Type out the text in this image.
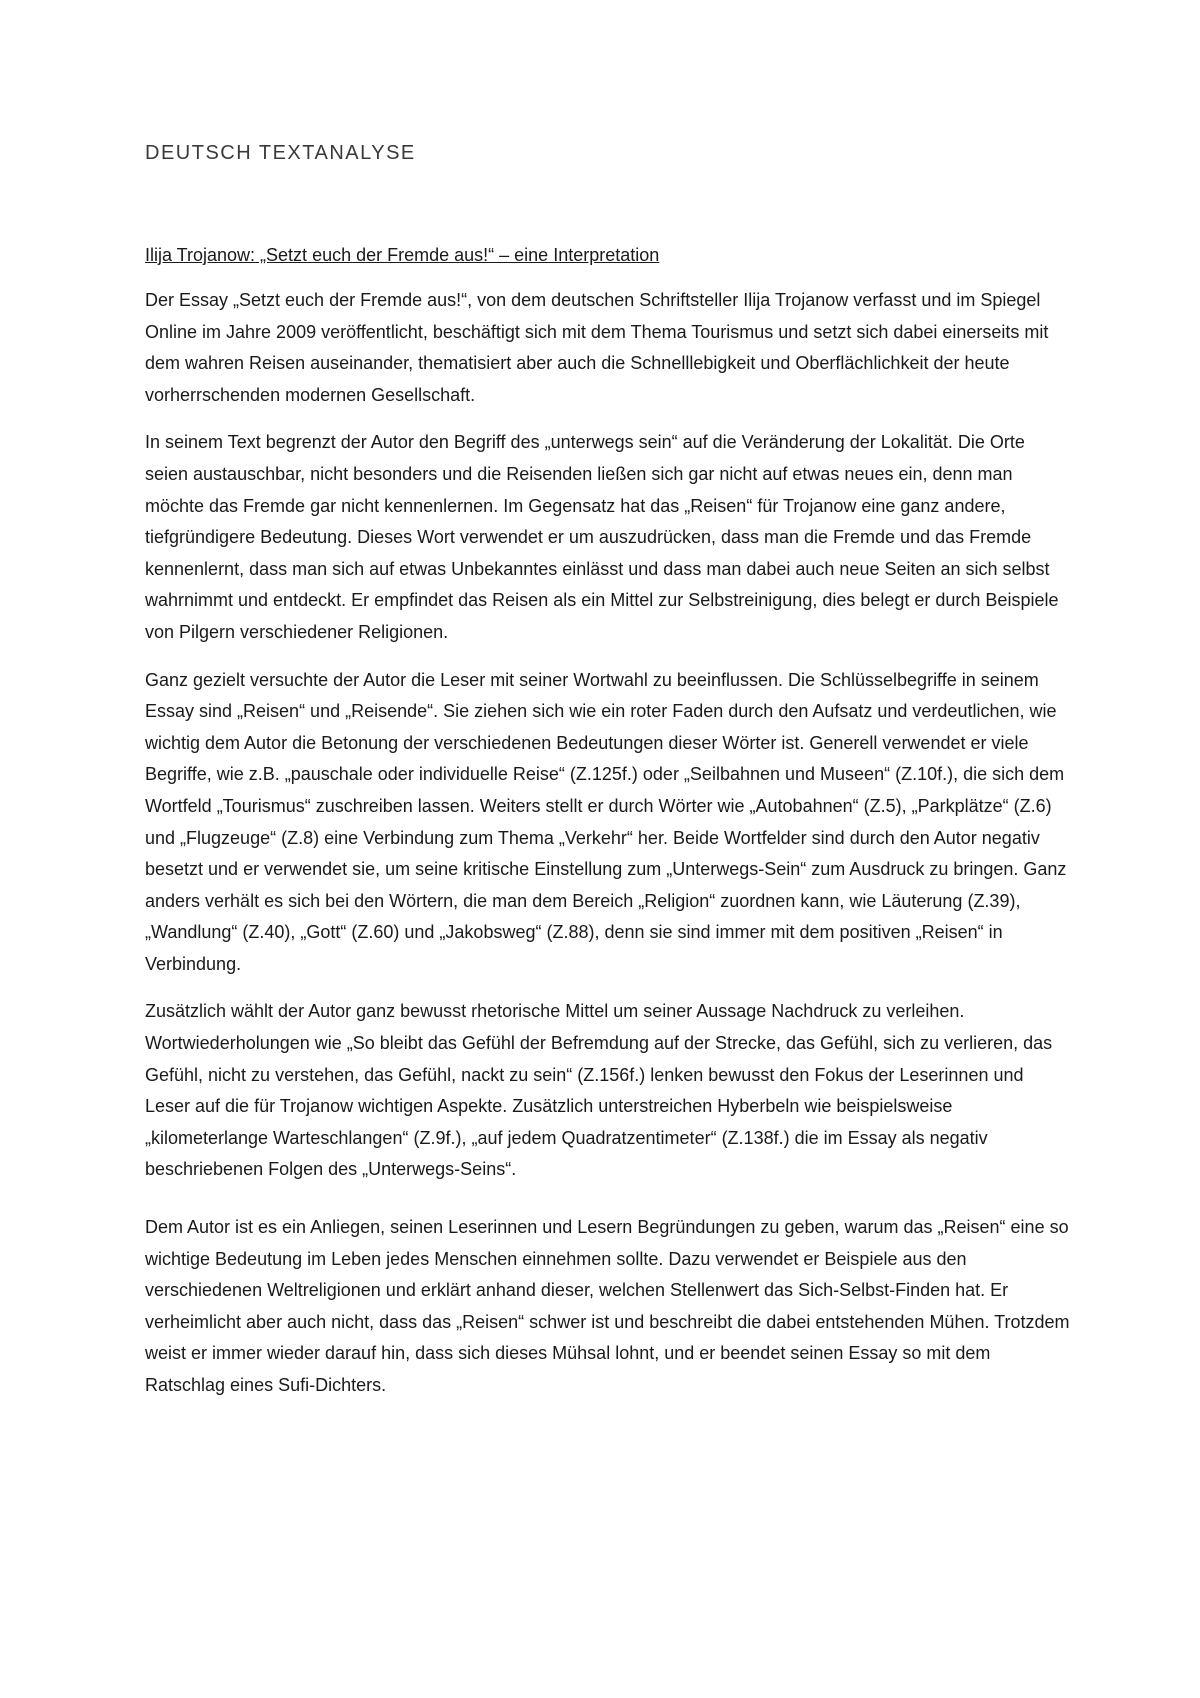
DEUTSCH TEXTANALYSE
Ilija Trojanow: „Setzt euch der Fremde aus!“ – eine Interpretation

Der Essay „Setzt euch der Fremde aus!“, von dem deutschen Schriftsteller Ilija Trojanow verfasst und im Spiegel Online im Jahre 2009 veröffentlicht, beschäftigt sich mit dem Thema Tourismus und setzt sich dabei einerseits mit dem wahren Reisen auseinander, thematisiert aber auch die Schnelllebigkeit und Oberflächlichkeit der heute vorherrschenden modernen Gesellschaft.

In seinem Text begrenzt der Autor den Begriff des „unterwegs sein“ auf die Veränderung der Lokalität. Die Orte seien austauschbar, nicht besonders und die Reisenden ließen sich gar nicht auf etwas neues ein, denn man möchte das Fremde gar nicht kennenlernen. Im Gegensatz hat das „Reisen“ für Trojanow eine ganz andere, tiefgründigere Bedeutung. Dieses Wort verwendet er um auszudrücken, dass man die Fremde und das Fremde kennenlernt, dass man sich auf etwas Unbekanntes einlässt und dass man dabei auch neue Seiten an sich selbst wahrnimmt und entdeckt. Er empfindet das Reisen als ein Mittel zur Selbstreinigung, dies belegt er durch Beispiele von Pilgern verschiedener Religionen.

Ganz gezielt versuchte der Autor die Leser mit seiner Wortwahl zu beeinflussen. Die Schlüsselbegriffe in seinem Essay sind „Reisen“ und „Reisende“. Sie ziehen sich wie ein roter Faden durch den Aufsatz und verdeutlichen, wie wichtig dem Autor die Betonung der verschiedenen Bedeutungen dieser Wörter ist. Generell verwendet er viele Begriffe, wie z.B. „pauschale oder individuelle Reise“ (Z.125f.) oder „Seilbahnen und Museen“ (Z.10f.), die sich dem Wortfeld „Tourismus“ zuschreiben lassen. Weiters stellt er durch Wörter wie „Autobahnen“ (Z.5), „Parkplätze“ (Z.6) und „Flugzeuge“ (Z.8) eine Verbindung zum Thema „Verkehr“ her. Beide Wortfelder sind durch den Autor negativ besetzt und er verwendet sie, um seine kritische Einstellung zum „Unterwegs-Sein“ zum Ausdruck zu bringen. Ganz anders verhält es sich bei den Wörtern, die man dem Bereich „Religion“ zuordnen kann, wie Läuterung (Z.39), „Wandlung“ (Z.40), „Gott“ (Z.60) und „Jakobsweg“ (Z.88), denn sie sind immer mit dem positiven „Reisen“ in Verbindung.

Zusätzlich wählt der Autor ganz bewusst rhetorische Mittel um seiner Aussage Nachdruck zu verleihen. Wortwiederholungen wie „So bleibt das Gefühl der Befremdung auf der Strecke, das Gefühl, sich zu verlieren, das Gefühl, nicht zu verstehen, das Gefühl, nackt zu sein“ (Z.156f.) lenken bewusst den Fokus der Leserinnen und Leser auf die für Trojanow wichtigen Aspekte. Zusätzlich unterstreichen Hyberbeln wie beispielsweise „kilometerlange Warteschlangen“ (Z.9f.), „auf jedem Quadratzentimeter“ (Z.138f.) die im Essay als negativ beschriebenen Folgen des „Unterwegs-Seins“.

Dem Autor ist es ein Anliegen, seinen Leserinnen und Lesern Begründungen zu geben, warum das „Reisen“ eine so wichtige Bedeutung im Leben jedes Menschen einnehmen sollte. Dazu verwendet er Beispiele aus den verschiedenen Weltreligionen und erklärt anhand dieser, welchen Stellenwert das Sich-Selbst-Finden hat. Er verheimlicht aber auch nicht, dass das „Reisen“ schwer ist und beschreibt die dabei entstehenden Mühen. Trotzdem weist er immer wieder darauf hin, dass sich dieses Mühsal lohnt, und er beendet seinen Essay so mit dem Ratschlag eines Sufi-Dichters.
